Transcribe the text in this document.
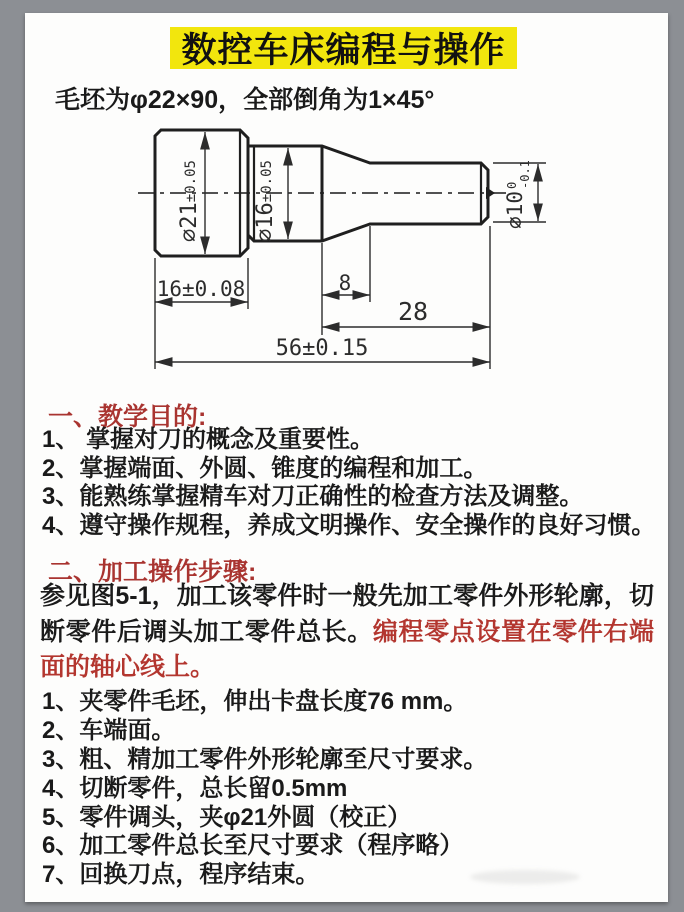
数控车床编程与操作
毛坯为φ22×90，全部倒角为1×45°
∅21±0.05
∅16±0.05
∅10
0 -0.1
16±0.08	8
28
56±0.15
一、教学目的:
1、 掌握对刀的概念及重要性。
2、掌握端面、外圆、锥度的编程和加工。
3、能熟练掌握精车对刀正确性的检查方法及调整。
4、遵守操作规程，养成文明操作、安全操作的良好习惯。
二、加工操作步骤:
参见图5-1，加工该零件时一般先加工零件外形轮廓，切断零件后调头加工零件总长。编程零点设置在零件右端面的轴心线上。
1、夹零件毛坯，伸出卡盘长度76 mm。
2、车端面。
3、粗、精加工零件外形轮廓至尺寸要求。
4、切断零件，总长留0.5mm
5、零件调头，夹φ21外圆（校正）
6、加工零件总长至尺寸要求（程序略）
7、回换刀点，程序结束。
